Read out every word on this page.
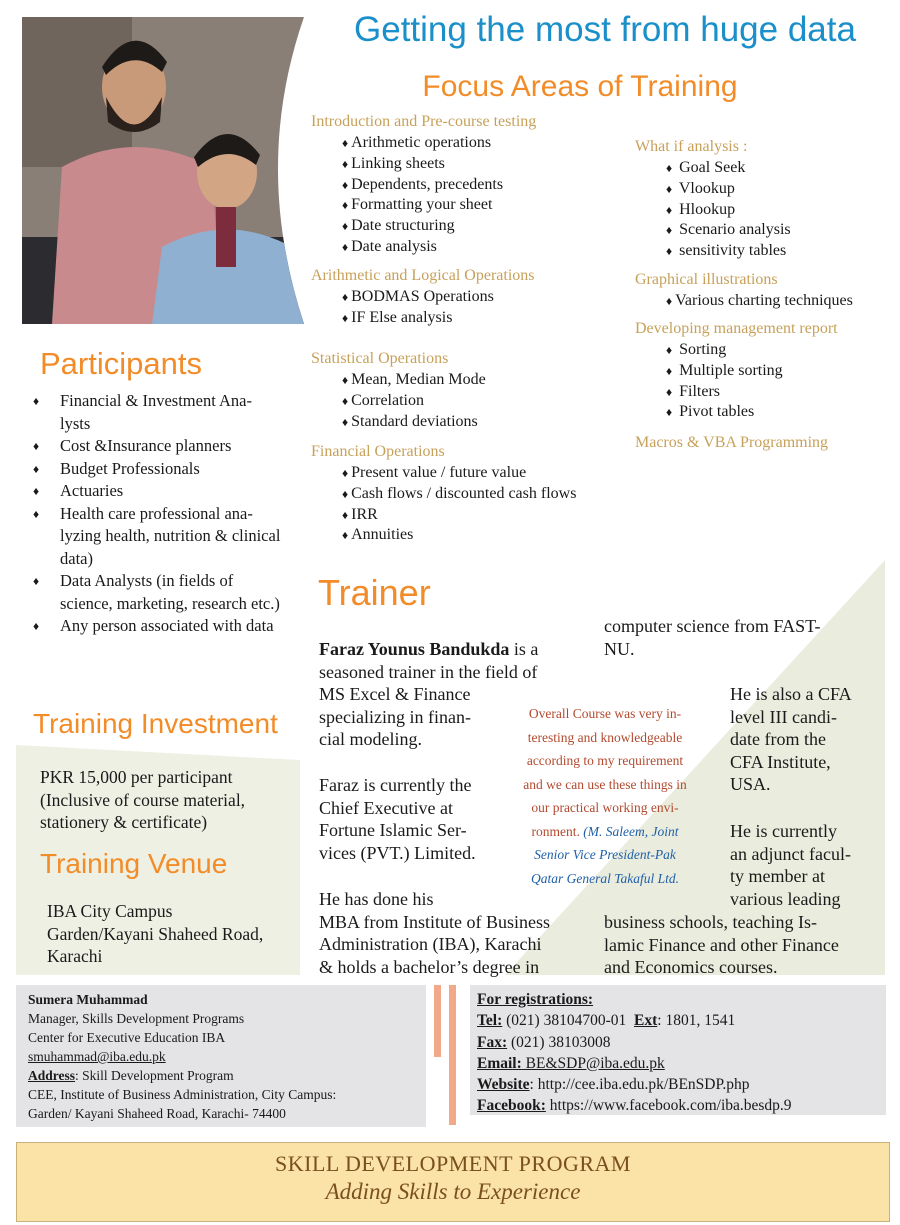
Getting the most from huge data
Focus Areas of Training
Introduction and Pre-course testing
♦ Arithmetic operations
♦ Linking sheets
♦ Dependents, precedents
♦ Formatting your sheet
♦ Date structuring
♦ Date analysis
Arithmetic and Logical Operations
♦ BODMAS Operations
♦ IF Else analysis
Statistical Operations
♦ Mean, Median Mode
♦ Correlation
♦ Standard deviations
Financial Operations
♦ Present value / future value
♦ Cash flows / discounted cash flows
♦ IRR
♦ Annuities
What if analysis :
♦ Goal Seek
♦ Vlookup
♦ Hlookup
♦ Scenario analysis
♦ sensitivity tables
Graphical illustrations
♦ Various charting techniques
Developing management report
♦ Sorting
♦ Multiple sorting
♦ Filters
♦ Pivot tables
Macros & VBA Programming
Participants
♦ Financial & Investment Ana- lysts
♦ Cost &Insurance planners
♦ Budget Professionals
♦ Actuaries
♦ Health care professional ana- lyzing health, nutrition & clinical data)
♦ Data Analysts (in fields of science, marketing, research etc.)
♦ Any person associated with data
Training Investment
PKR 15,000 per participant
(Inclusive of course material,
stationery & certificate)
Training Venue
IBA City Campus
Garden/Kayani Shaheed Road,
Karachi
Trainer
Faraz Younus Bandukda is a
seasoned trainer in the field of
MS Excel & Finance
specializing in finan-
cial modeling.
Faraz is currently the
Chief Executive at
Fortune Islamic Ser-
vices (PVT.) Limited.
He has done his
MBA from Institute of Business
Administration (IBA), Karachi
& holds a bachelor’s degree in
computer science from FAST-
NU.
He is also a CFA
level III candi-
date from the
CFA Institute,
USA.
He is currently
an adjunct facul-
ty member at
various leading
business schools, teaching Is-
lamic Finance and other Finance
and Economics courses.
Overall Course was very in-
teresting and knowledgeable
according to my requirement
and we can use these things in
our practical working envi-
ronment. (M. Saleem, Joint
Senior Vice President-Pak
Qatar General Takaful Ltd.
Sumera Muhammad
Manager, Skills Development Programs
Center for Executive Education IBA
smuhammad@iba.edu.pk
Address: Skill Development Program
CEE, Institute of Business Administration, City Campus:
Garden/ Kayani Shaheed Road, Karachi- 74400
For registrations:
Tel: (021) 38104700-01 Ext: 1801, 1541
Fax: (021) 38103008
Email: BE&SDP@iba.edu.pk
Website: http://cee.iba.edu.pk/BEnSDP.php
Facebook: https://www.facebook.com/iba.besdp.9
SKILL DEVELOPMENT PROGRAM
Adding Skills to Experience
